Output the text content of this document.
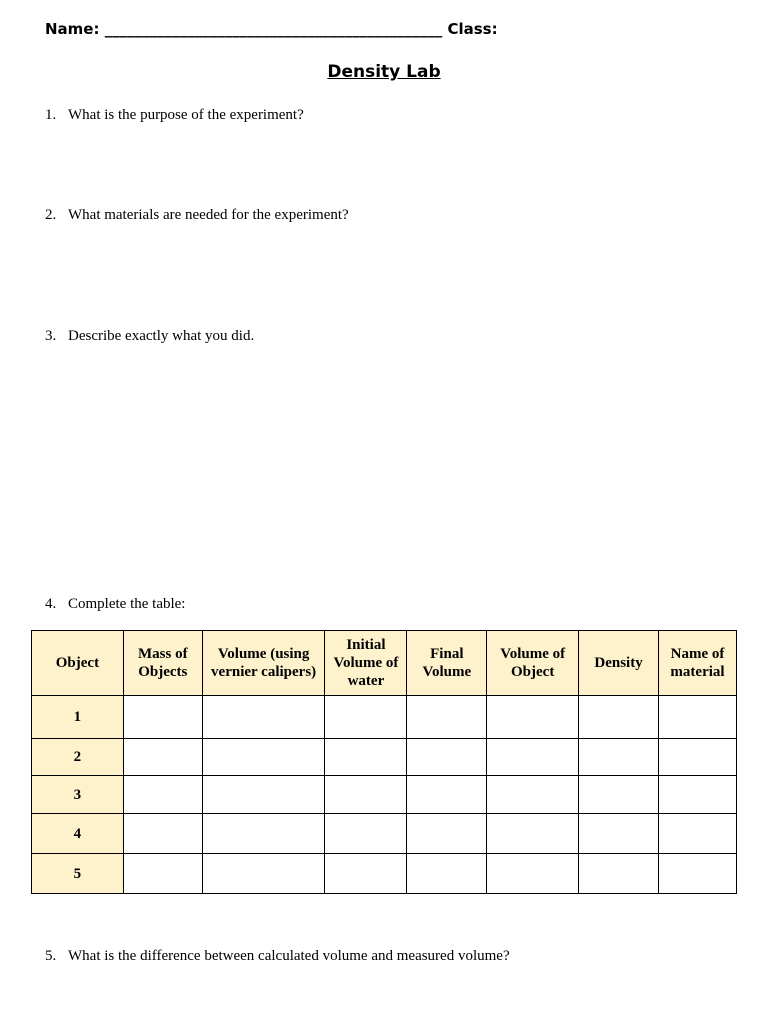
Name: _____________________________________________ Class:
Density Lab
1. What is the purpose of the experiment?
2. What materials are needed for the experiment?
3. Describe exactly what you did.
4. Complete the table:
Object	Mass of Objects	Volume (using vernier calipers)	Initial Volume of water	Final Volume	Volume of Object	Density	Name of material
1							
2							
3							
4							
5							
5. What is the difference between calculated volume and measured volume?
